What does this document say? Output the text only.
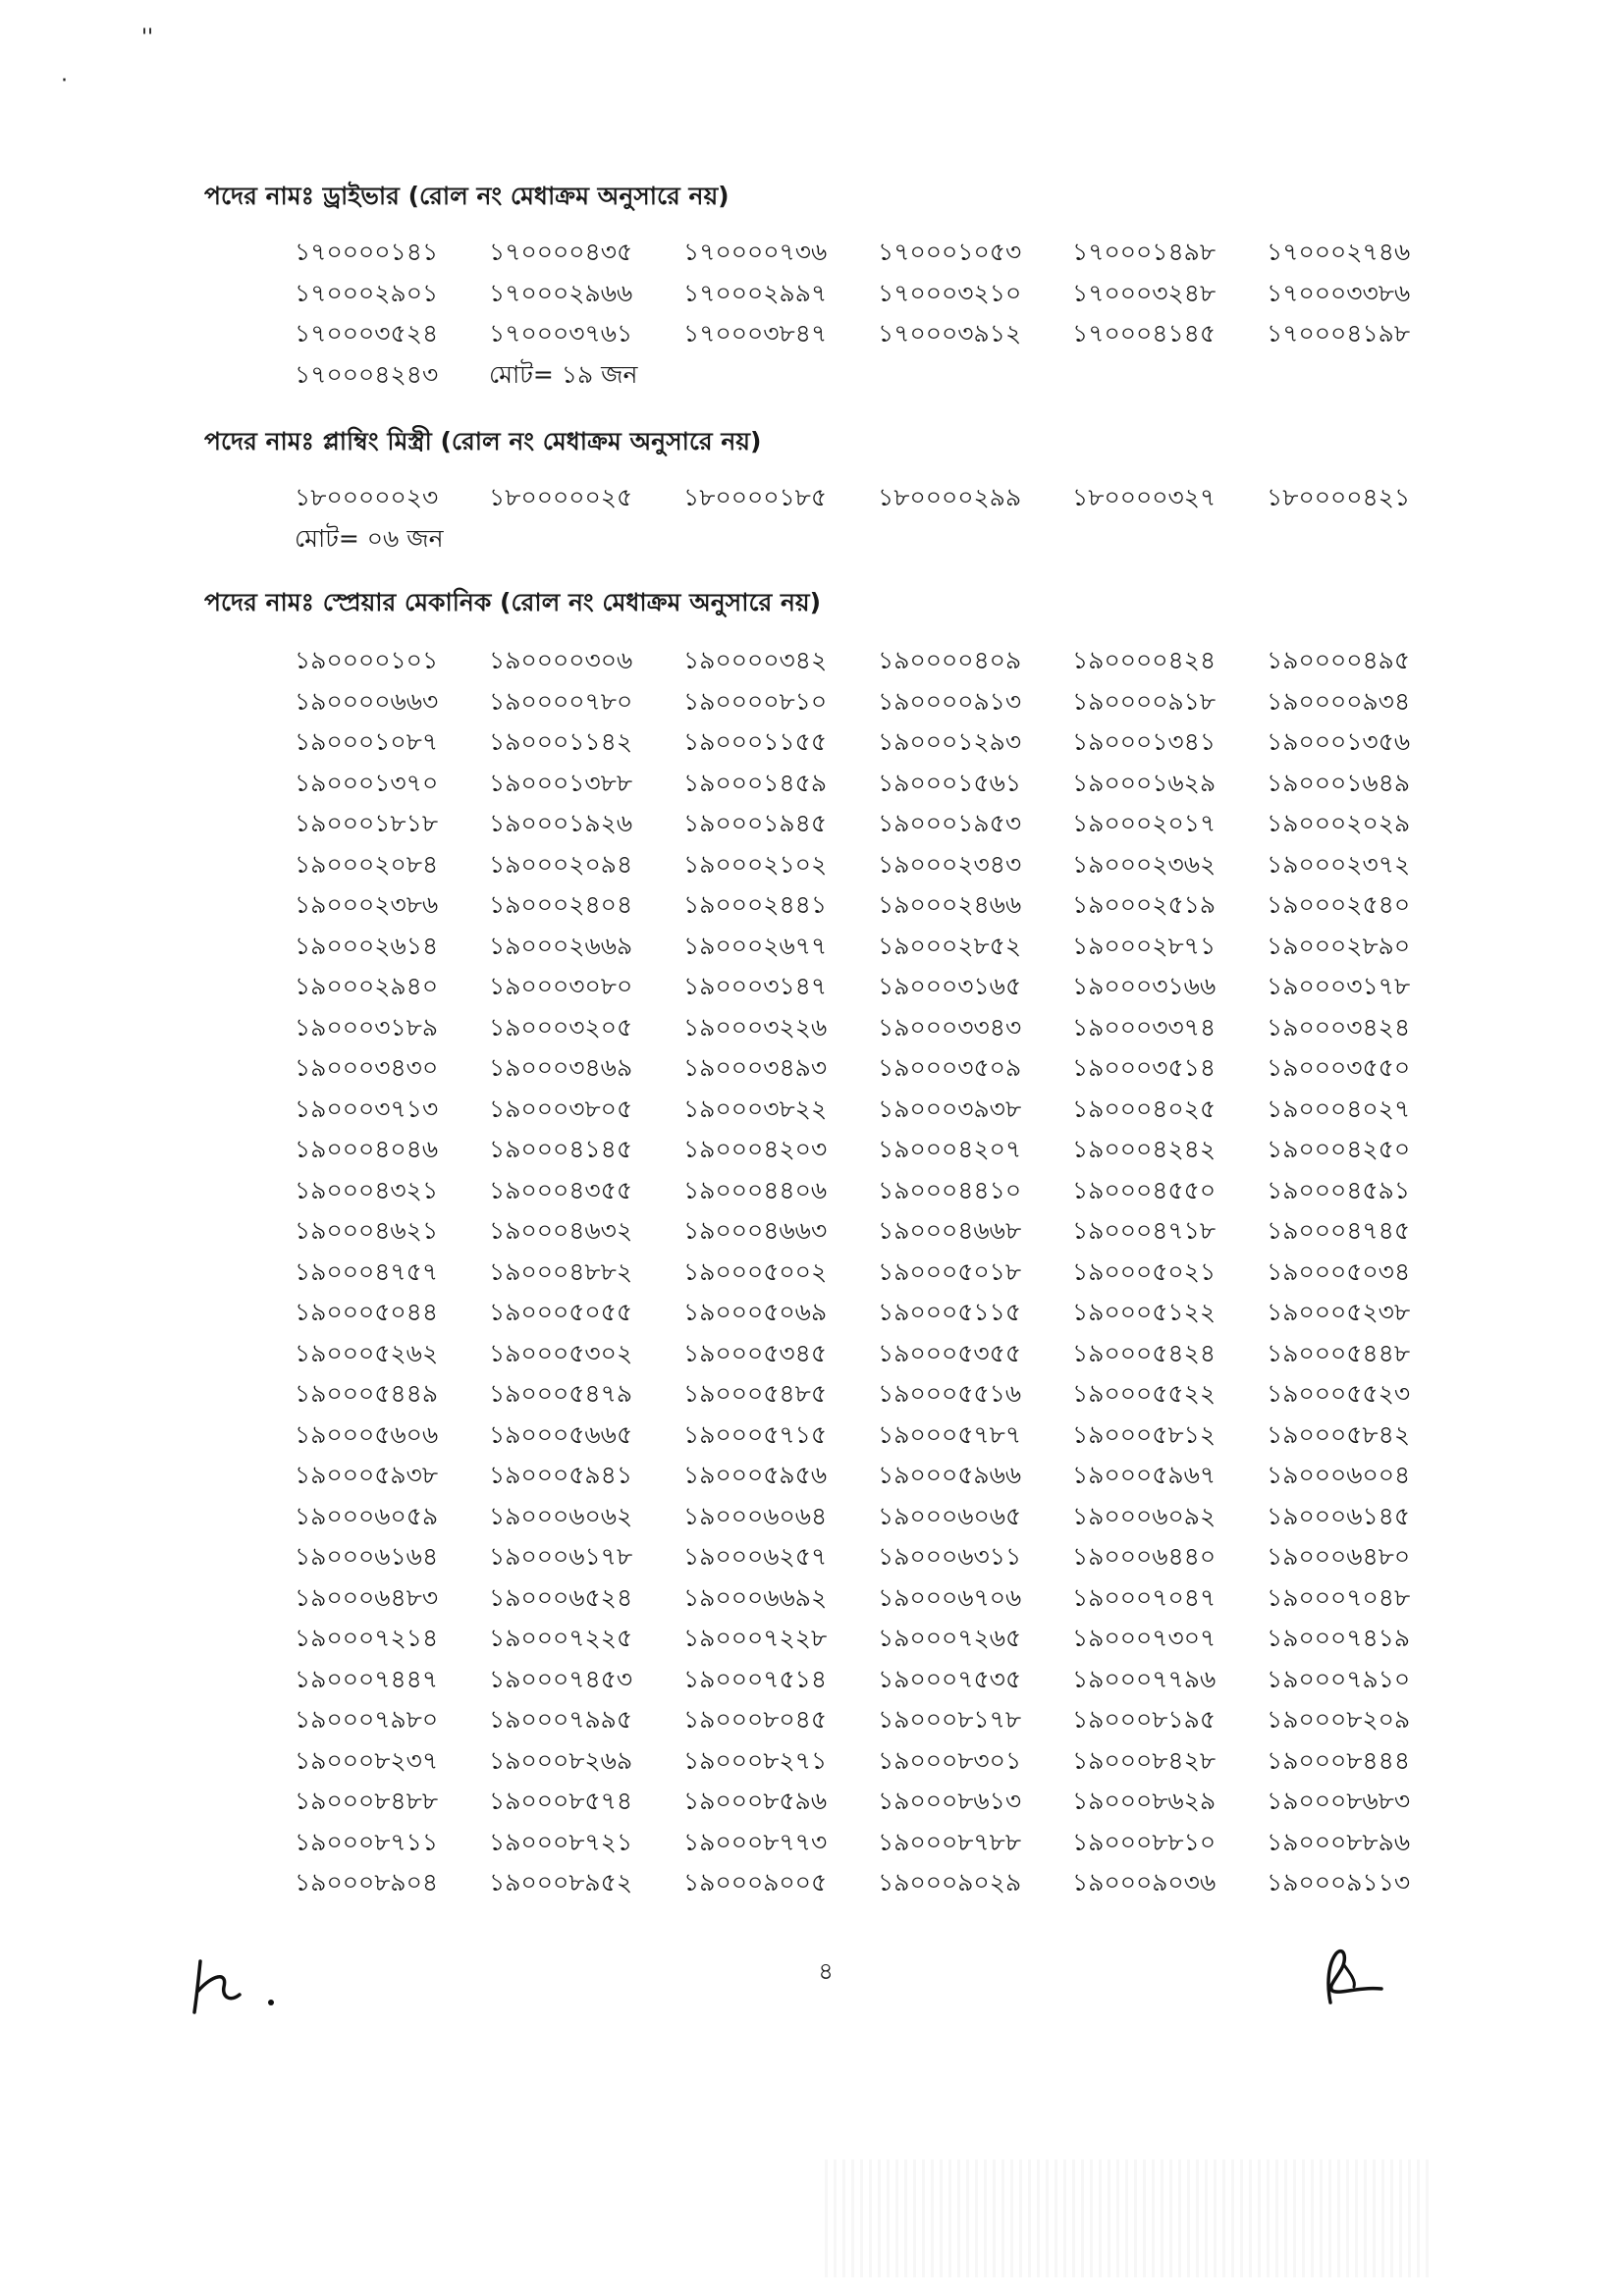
''
·
পদের নামঃ ড্রাইভার (রোল নং মেধাক্রম অনুসারে নয়)
১৭০০০০১৪১	১৭০০০০৪৩৫	১৭০০০০৭৩৬	১৭০০০১০৫৩	১৭০০০১৪৯৮	১৭০০০২৭৪৬
১৭০০০২৯০১	১৭০০০২৯৬৬	১৭০০০২৯৯৭	১৭০০০৩২১০	১৭০০০৩২৪৮	১৭০০০৩৩৮৬
১৭০০০৩৫২৪	১৭০০০৩৭৬১	১৭০০০৩৮৪৭	১৭০০০৩৯১২	১৭০০০৪১৪৫	১৭০০০৪১৯৮
১৭০০০৪২৪৩	মোট= ১৯ জন
পদের নামঃ প্লাম্বিং মিস্ত্রী (রোল নং মেধাক্রম অনুসারে নয়)
১৮০০০০০২৩	১৮০০০০০২৫	১৮০০০০১৮৫	১৮০০০০২৯৯	১৮০০০০৩২৭	১৮০০০০৪২১
মোট= ০৬ জন
পদের নামঃ স্প্রেয়ার মেকানিক (রোল নং মেধাক্রম অনুসারে নয়)
১৯০০০০১০১	১৯০০০০৩০৬	১৯০০০০৩৪২	১৯০০০০৪০৯	১৯০০০০৪২৪	১৯০০০০৪৯৫
১৯০০০০৬৬৩	১৯০০০০৭৮০	১৯০০০০৮১০	১৯০০০০৯১৩	১৯০০০০৯১৮	১৯০০০০৯৩৪
১৯০০০১০৮৭	১৯০০০১১৪২	১৯০০০১১৫৫	১৯০০০১২৯৩	১৯০০০১৩৪১	১৯০০০১৩৫৬
১৯০০০১৩৭০	১৯০০০১৩৮৮	১৯০০০১৪৫৯	১৯০০০১৫৬১	১৯০০০১৬২৯	১৯০০০১৬৪৯
১৯০০০১৮১৮	১৯০০০১৯২৬	১৯০০০১৯৪৫	১৯০০০১৯৫৩	১৯০০০২০১৭	১৯০০০২০২৯
১৯০০০২০৮৪	১৯০০০২০৯৪	১৯০০০২১০২	১৯০০০২৩৪৩	১৯০০০২৩৬২	১৯০০০২৩৭২
১৯০০০২৩৮৬	১৯০০০২৪০৪	১৯০০০২৪৪১	১৯০০০২৪৬৬	১৯০০০২৫১৯	১৯০০০২৫৪০
১৯০০০২৬১৪	১৯০০০২৬৬৯	১৯০০০২৬৭৭	১৯০০০২৮৫২	১৯০০০২৮৭১	১৯০০০২৮৯০
১৯০০০২৯৪০	১৯০০০৩০৮০	১৯০০০৩১৪৭	১৯০০০৩১৬৫	১৯০০০৩১৬৬	১৯০০০৩১৭৮
১৯০০০৩১৮৯	১৯০০০৩২০৫	১৯০০০৩২২৬	১৯০০০৩৩৪৩	১৯০০০৩৩৭৪	১৯০০০৩৪২৪
১৯০০০৩৪৩০	১৯০০০৩৪৬৯	১৯০০০৩৪৯৩	১৯০০০৩৫০৯	১৯০০০৩৫১৪	১৯০০০৩৫৫০
১৯০০০৩৭১৩	১৯০০০৩৮০৫	১৯০০০৩৮২২	১৯০০০৩৯৩৮	১৯০০০৪০২৫	১৯০০০৪০২৭
১৯০০০৪০৪৬	১৯০০০৪১৪৫	১৯০০০৪২০৩	১৯০০০৪২০৭	১৯০০০৪২৪২	১৯০০০৪২৫০
১৯০০০৪৩২১	১৯০০০৪৩৫৫	১৯০০০৪৪০৬	১৯০০০৪৪১০	১৯০০০৪৫৫০	১৯০০০৪৫৯১
১৯০০০৪৬২১	১৯০০০৪৬৩২	১৯০০০৪৬৬৩	১৯০০০৪৬৬৮	১৯০০০৪৭১৮	১৯০০০৪৭৪৫
১৯০০০৪৭৫৭	১৯০০০৪৮৮২	১৯০০০৫০০২	১৯০০০৫০১৮	১৯০০০৫০২১	১৯০০০৫০৩৪
১৯০০০৫০৪৪	১৯০০০৫০৫৫	১৯০০০৫০৬৯	১৯০০০৫১১৫	১৯০০০৫১২২	১৯০০০৫২৩৮
১৯০০০৫২৬২	১৯০০০৫৩০২	১৯০০০৫৩৪৫	১৯০০০৫৩৫৫	১৯০০০৫৪২৪	১৯০০০৫৪৪৮
১৯০০০৫৪৪৯	১৯০০০৫৪৭৯	১৯০০০৫৪৮৫	১৯০০০৫৫১৬	১৯০০০৫৫২২	১৯০০০৫৫২৩
১৯০০০৫৬০৬	১৯০০০৫৬৬৫	১৯০০০৫৭১৫	১৯০০০৫৭৮৭	১৯০০০৫৮১২	১৯০০০৫৮৪২
১৯০০০৫৯৩৮	১৯০০০৫৯৪১	১৯০০০৫৯৫৬	১৯০০০৫৯৬৬	১৯০০০৫৯৬৭	১৯০০০৬০০৪
১৯০০০৬০৫৯	১৯০০০৬০৬২	১৯০০০৬০৬৪	১৯০০০৬০৬৫	১৯০০০৬০৯২	১৯০০০৬১৪৫
১৯০০০৬১৬৪	১৯০০০৬১৭৮	১৯০০০৬২৫৭	১৯০০০৬৩১১	১৯০০০৬৪৪০	১৯০০০৬৪৮০
১৯০০০৬৪৮৩	১৯০০০৬৫২৪	১৯০০০৬৬৯২	১৯০০০৬৭০৬	১৯০০০৭০৪৭	১৯০০০৭০৪৮
১৯০০০৭২১৪	১৯০০০৭২২৫	১৯০০০৭২২৮	১৯০০০৭২৬৫	১৯০০০৭৩০৭	১৯০০০৭৪১৯
১৯০০০৭৪৪৭	১৯০০০৭৪৫৩	১৯০০০৭৫১৪	১৯০০০৭৫৩৫	১৯০০০৭৭৯৬	১৯০০০৭৯১০
১৯০০০৭৯৮০	১৯০০০৭৯৯৫	১৯০০০৮০৪৫	১৯০০০৮১৭৮	১৯০০০৮১৯৫	১৯০০০৮২০৯
১৯০০০৮২৩৭	১৯০০০৮২৬৯	১৯০০০৮২৭১	১৯০০০৮৩০১	১৯০০০৮৪২৮	১৯০০০৮৪৪৪
১৯০০০৮৪৮৮	১৯০০০৮৫৭৪	১৯০০০৮৫৯৬	১৯০০০৮৬১৩	১৯০০০৮৬২৯	১৯০০০৮৬৮৩
১৯০০০৮৭১১	১৯০০০৮৭২১	১৯০০০৮৭৭৩	১৯০০০৮৭৮৮	১৯০০০৮৮১০	১৯০০০৮৮৯৬
১৯০০০৮৯০৪	১৯০০০৮৯৫২	১৯০০০৯০০৫	১৯০০০৯০২৯	১৯০০০৯০৩৬	১৯০০০৯১১৩
৪
